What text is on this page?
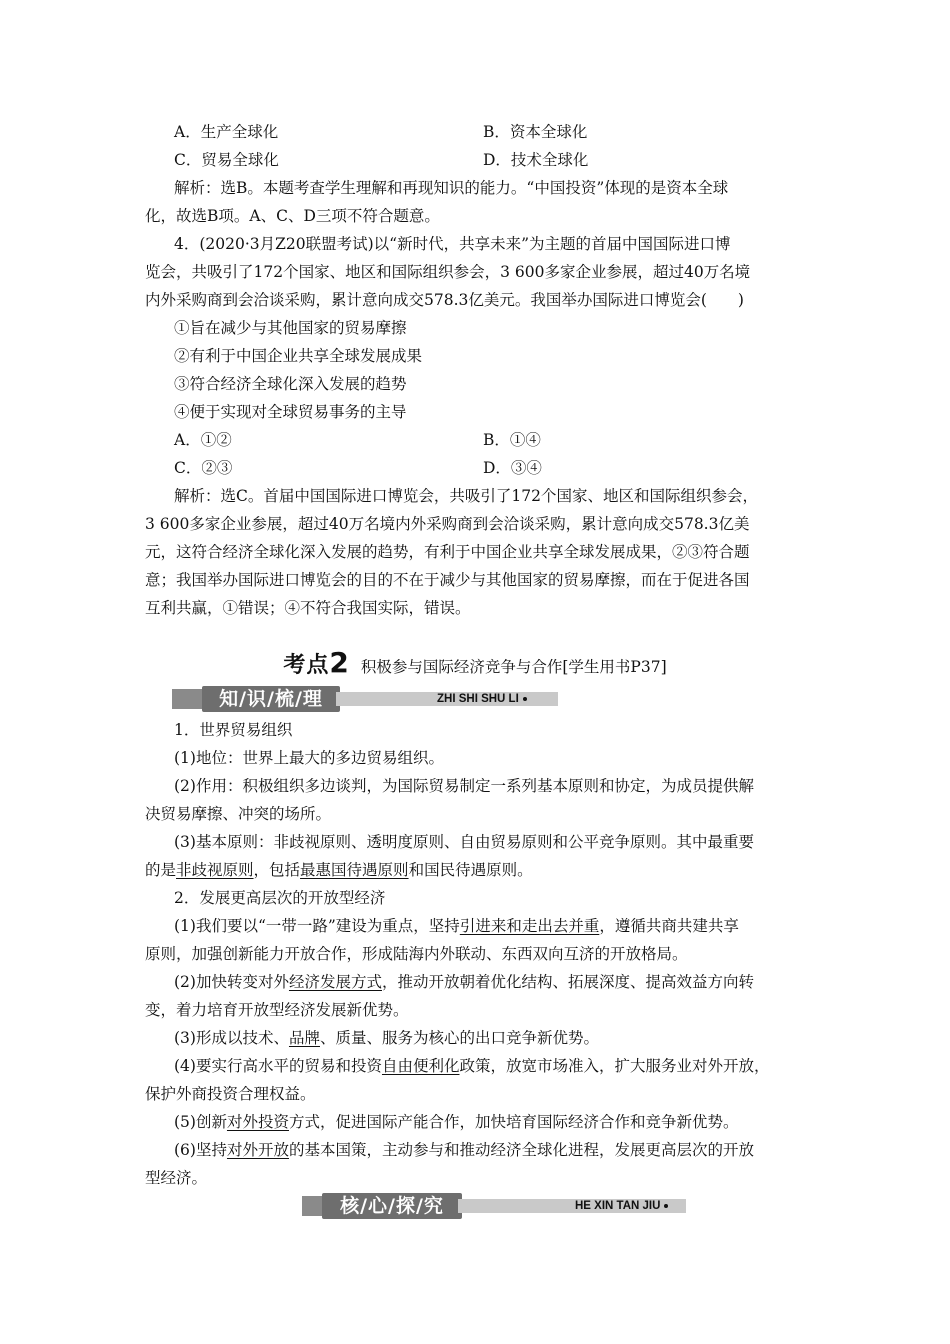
A．生产全球化	B．资本全球化
C．贸易全球化	D．技术全球化
解析：选B。本题考查学生理解和再现知识的能力。“中国投资”体现的是资本全球
化，故选B项。A、C、D三项不符合题意。
4．(2020·3月Z20联盟考试)以“新时代，共享未来”为主题的首届中国国际进口博
览会，共吸引了172个国家、地区和国际组织参会，3 600多家企业参展，超过40万名境
内外采购商到会洽谈采购，累计意向成交578.3亿美元。我国举办国际进口博览会(　　)
①旨在减少与其他国家的贸易摩擦
②有利于中国企业共享全球发展成果
③符合经济全球化深入发展的趋势
④便于实现对全球贸易事务的主导
A．①②	B．①④
C．②③	D．③④
解析：选C。首届中国国际进口博览会，共吸引了172个国家、地区和国际组织参会，
3 600多家企业参展，超过40万名境内外采购商到会洽谈采购，累计意向成交578.3亿美
元，这符合经济全球化深入发展的趋势，有利于中国企业共享全球发展成果，②③符合题
意；我国举办国际进口博览会的目的不在于减少与其他国家的贸易摩擦，而在于促进各国
互利共赢，①错误；④不符合我国实际，错误。
考点2 积极参与国际经济竞争与合作[学生用书P37]
知/识/梳/理	ZHI SHI SHU LI
1．世界贸易组织
(1)地位：世界上最大的多边贸易组织。
(2)作用：积极组织多边谈判，为国际贸易制定一系列基本原则和协定，为成员提供解
决贸易摩擦、冲突的场所。
(3)基本原则：非歧视原则、透明度原则、自由贸易原则和公平竞争原则。其中最重要
的是非歧视原则，包括最惠国待遇原则和国民待遇原则。
2．发展更高层次的开放型经济
(1)我们要以“一带一路”建设为重点，坚持引进来和走出去并重，遵循共商共建共享
原则，加强创新能力开放合作，形成陆海内外联动、东西双向互济的开放格局。
(2)加快转变对外经济发展方式，推动开放朝着优化结构、拓展深度、提高效益方向转
变，着力培育开放型经济发展新优势。
(3)形成以技术、品牌、质量、服务为核心的出口竞争新优势。
(4)要实行高水平的贸易和投资自由便利化政策，放宽市场准入，扩大服务业对外开放，
保护外商投资合理权益。
(5)创新对外投资方式，促进国际产能合作，加快培育国际经济合作和竞争新优势。
(6)坚持对外开放的基本国策，主动参与和推动经济全球化进程，发展更高层次的开放
型经济。
核/心/探/究	HE XIN TAN JIU
